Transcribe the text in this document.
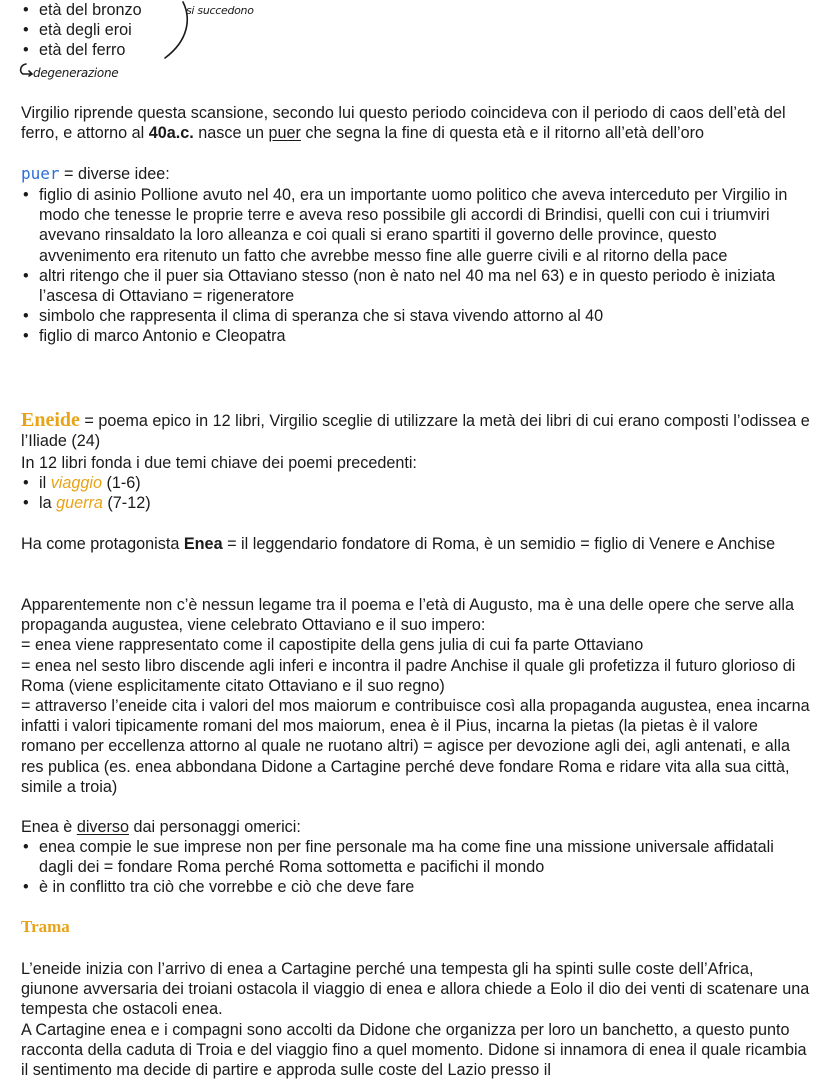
• età del bronzo
• età degli eroi
• età del ferro
si succedono
degenerazione

Virgilio riprende questa scansione, secondo lui questo periodo coincideva con il periodo di caos dell’età del ferro, e attorno al 40a.c. nasce un puer che segna la fine di questa età e il ritorno all’età dell’oro

puer = diverse idee:

• figlio di asinio Pollione avuto nel 40, era un importante uomo politico che aveva interceduto per Virgilio in modo che tenesse le proprie terre e aveva reso possibile gli accordi di Brindisi, quelli con cui i triumviri avevano rinsaldato la loro alleanza e coi quali si erano spartiti il governo delle province, questo avvenimento era ritenuto un fatto che avrebbe messo fine alle guerre civili e al ritorno della pace
• altri ritengo che il puer sia Ottaviano stesso (non è nato nel 40 ma nel 63) e in questo periodo è iniziata l’ascesa di Ottaviano = rigeneratore
• simbolo che rappresenta il clima di speranza che si stava vivendo attorno al 40
• figlio di marco Antonio e Cleopatra

Eneide = poema epico in 12 libri, Virgilio sceglie di utilizzare la metà dei libri di cui erano composti l’odissea e l’Iliade (24)

In 12 libri fonda i due temi chiave dei poemi precedenti:

• il viaggio (1-6)
• la guerra (7-12)

Ha come protagonista Enea = il leggendario fondatore di Roma, è un semidio = figlio di Venere e Anchise

Apparentemente non c’è nessun legame tra il poema e l’età di Augusto, ma è una delle opere che serve alla propaganda augustea, viene celebrato Ottaviano e il suo impero:

= enea viene rappresentato come il capostipite della gens julia di cui fa parte Ottaviano

= enea nel sesto libro discende agli inferi e incontra il padre Anchise il quale gli profetizza il futuro glorioso di Roma (viene esplicitamente citato Ottaviano e il suo regno)

= attraverso l’eneide cita i valori del mos maiorum e contribuisce così alla propaganda augustea, enea incarna infatti i valori tipicamente romani del mos maiorum, enea è il Pius, incarna la pietas (la pietas è il valore romano per eccellenza attorno al quale ne ruotano altri) = agisce per devozione agli dei, agli antenati, e alla res publica (es. enea abbondana Didone a Cartagine perché deve fondare Roma e ridare vita alla sua città, simile a troia)

Enea è diverso dai personaggi omerici:

• enea compie le sue imprese non per fine personale ma ha come fine una missione universale affidatali dagli dei = fondare Roma perché Roma sottometta e pacifichi il mondo
• è in conflitto tra ciò che vorrebbe e ciò che deve fare

Trama

L’eneide inizia con l’arrivo di enea a Cartagine perché una tempesta gli ha spinti sulle coste dell’Africa, giunone avversaria dei troiani ostacola il viaggio di enea e allora chiede a Eolo il dio dei venti di scatenare una tempesta che ostacoli enea.

A Cartagine enea e i compagni sono accolti da Didone che organizza per loro un banchetto, a questo punto racconta della caduta di Troia e del viaggio fino a quel momento. Didone si innamora di enea il quale ricambia il sentimento ma decide di partire e approda sulle coste del Lazio presso il
